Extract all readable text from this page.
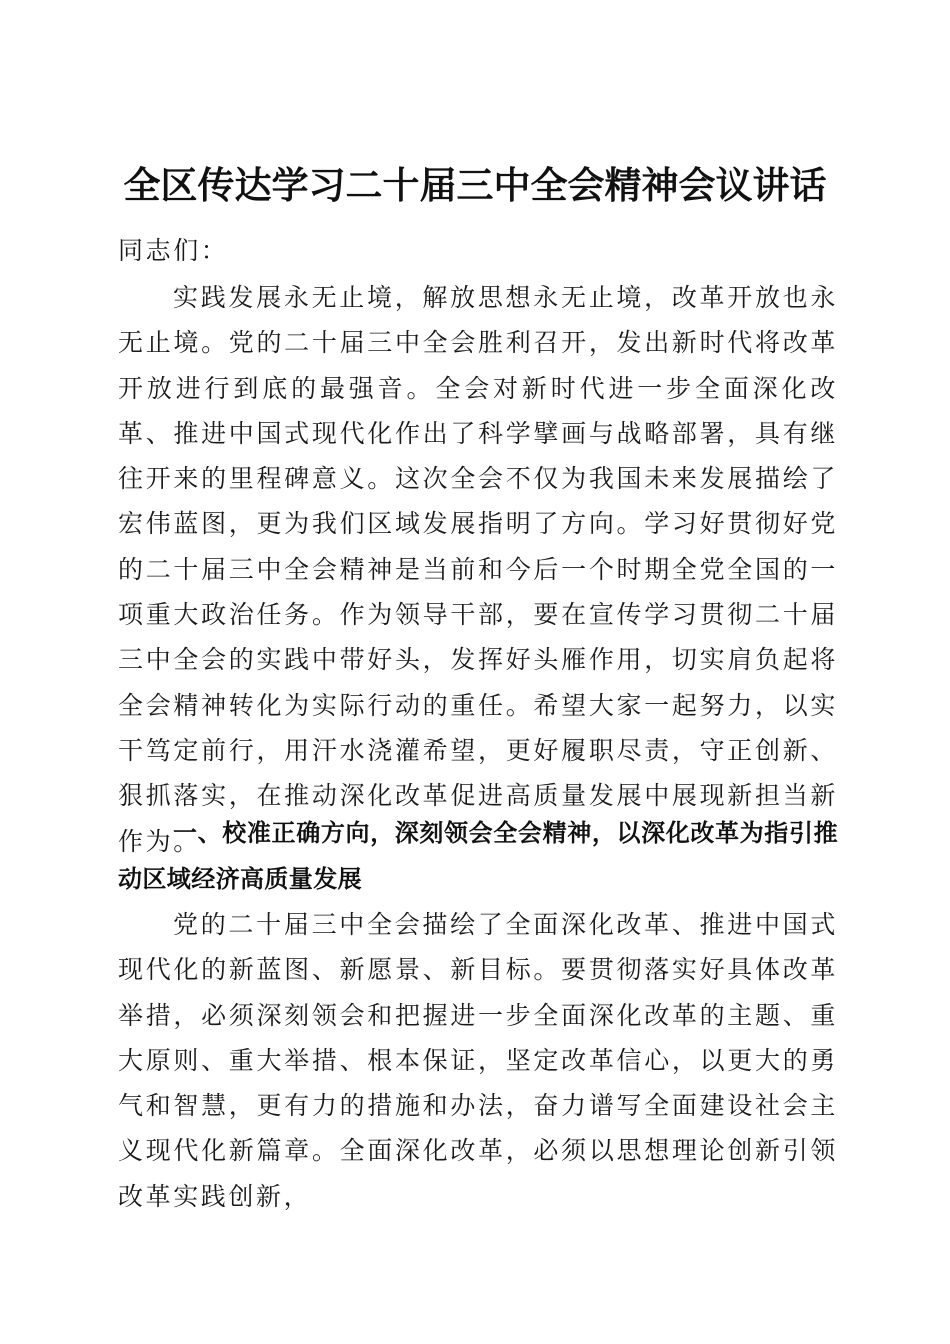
全区传达学习二十届三中全会精神会议讲话

同志们：

实践发展永无止境，解放思想永无止境，改革开放也永无止境。党的二十届三中全会胜利召开，发出新时代将改革开放进行到底的最强音。全会对新时代进一步全面深化改革、推进中国式现代化作出了科学擘画与战略部署，具有继往开来的里程碑意义。这次全会不仅为我国未来发展描绘了宏伟蓝图，更为我们区域发展指明了方向。学习好贯彻好党的二十届三中全会精神是当前和今后一个时期全党全国的一项重大政治任务。作为领导干部，要在宣传学习贯彻二十届三中全会的实践中带好头，发挥好头雁作用，切实肩负起将全会精神转化为实际行动的重任。希望大家一起努力，以实干笃定前行，用汗水浇灌希望，更好履职尽责，守正创新、狠抓落实，在推动深化改革促进高质量发展中展现新担当新作为。

一、校准正确方向，深刻领会全会精神，以深化改革为指引推动区域经济高质量发展

党的二十届三中全会描绘了全面深化改革、推进中国式现代化的新蓝图、新愿景、新目标。要贯彻落实好具体改革举措，必须深刻领会和把握进一步全面深化改革的主题、重大原则、重大举措、根本保证，坚定改革信心，以更大的勇气和智慧，更有力的措施和办法，奋力谱写全面建设社会主义现代化新篇章。全面深化改革，必须以思想理论创新引领改革实践创新，
